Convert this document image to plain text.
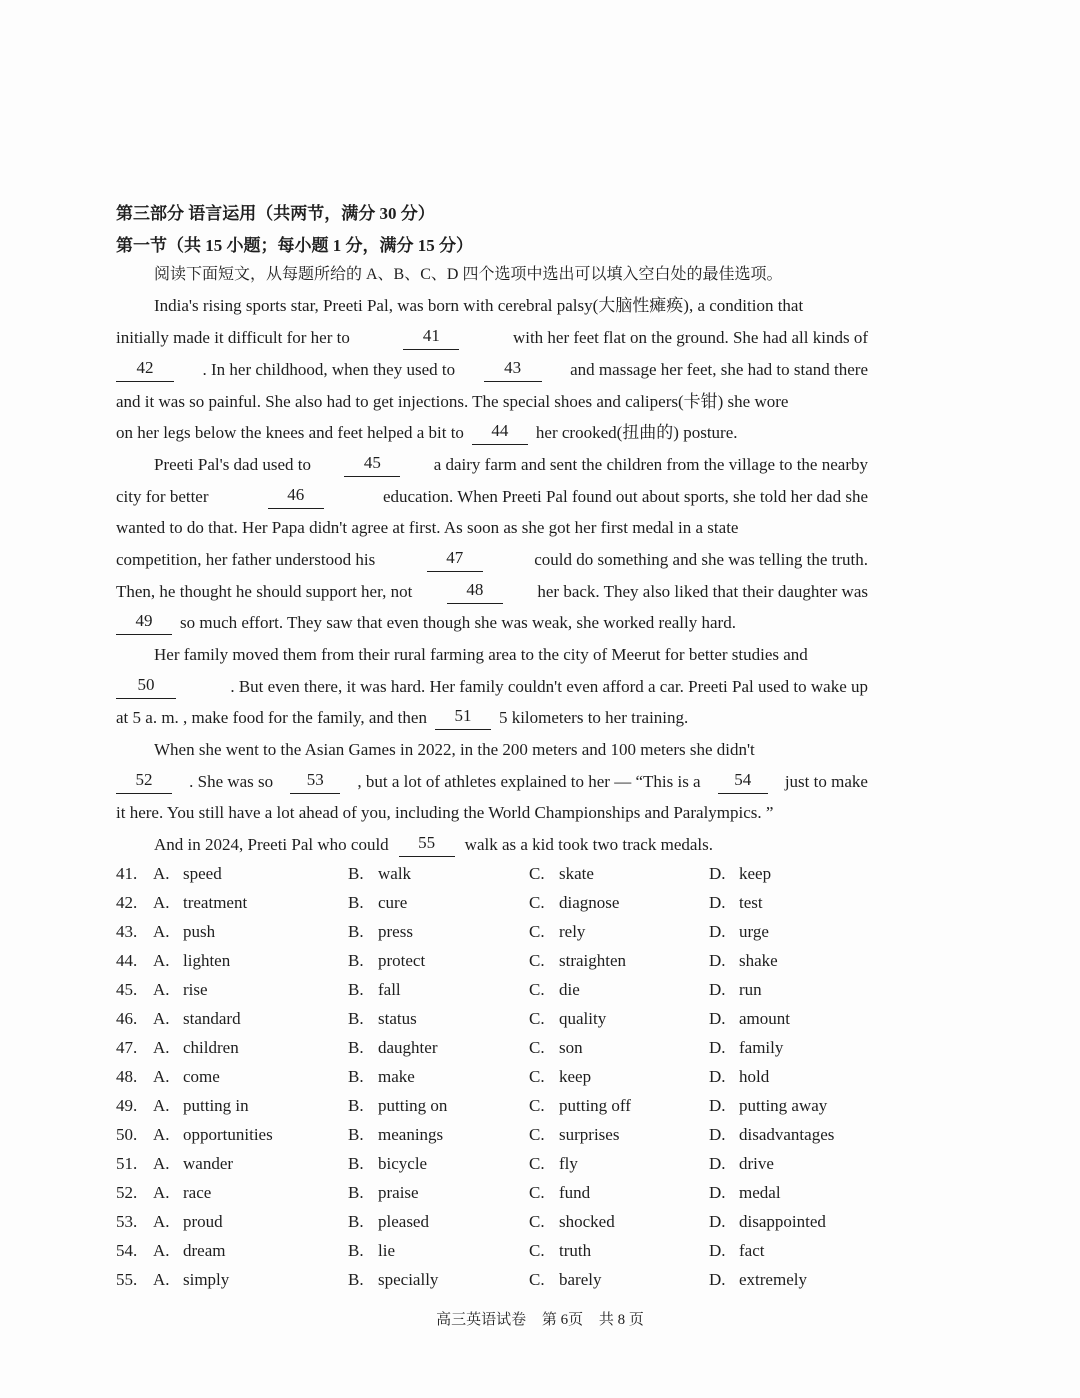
第三部分 语言运用（共两节，满分 30 分）
第一节（共 15 小题；每小题 1 分，满分 15 分）
阅读下面短文，从每题所给的 A、B、C、D 四个选项中选出可以填入空白处的最佳选项。
India's rising sports star, Preeti Pal, was born with cerebral palsy(大脑性瘫痪), a condition that
initially made it difficult for her to	41	with her feet flat on the ground. She had all kinds of
42	. In her childhood, when they used to	43	and massage her feet, she had to stand there
and it was so painful. She also had to get injections. The special shoes and calipers(卡钳) she wore
on her legs below the knees and feet helped a bit to	44	her crooked(扭曲的) posture.
Preeti Pal's dad used to	45	a dairy farm and sent the children from the village to the nearby
city for better	46	education. When Preeti Pal found out about sports, she told her dad she
wanted to do that. Her Papa didn't agree at first. As soon as she got her first medal in a state
competition, her father understood his	47	could do something and she was telling the truth.
Then, he thought he should support her, not	48	her back. They also liked that their daughter was
49	so much effort. They saw that even though she was weak, she worked really hard.
Her family moved them from their rural farming area to the city of Meerut for better studies and
50	. But even there, it was hard. Her family couldn't even afford a car. Preeti Pal used to wake up
at 5 a. m. , make food for the family, and then	51	5 kilometers to her training.
When she went to the Asian Games in 2022, in the 200 meters and 100 meters she didn't
52	. She was so	53	, but a lot of athletes explained to her — “This is a	54	just to make
it here. You still have a lot ahead of you, including the World Championships and Paralympics. ”
And in 2024, Preeti Pal who could	55	walk as a kid took two track medals.
41. A. speed	B. walk	C. skate	D. keep
42. A. treatment	B. cure	C. diagnose	D. test
43. A. push	B. press	C. rely	D. urge
44. A. lighten	B. protect	C. straighten	D. shake
45. A. rise	B. fall	C. die	D. run
46. A. standard	B. status	C. quality	D. amount
47. A. children	B. daughter	C. son	D. family
48. A. come	B. make	C. keep	D. hold
49. A. putting in	B. putting on	C. putting off	D. putting away
50. A. opportunities	B. meanings	C. surprises	D. disadvantages
51. A. wander	B. bicycle	C. fly	D. drive
52. A. race	B. praise	C. fund	D. medal
53. A. proud	B. pleased	C. shocked	D. disappointed
54. A. dream	B. lie	C. truth	D. fact
55. A. simply	B. specially	C. barely	D. extremely
高三英语试卷 第 6页 共 8 页
